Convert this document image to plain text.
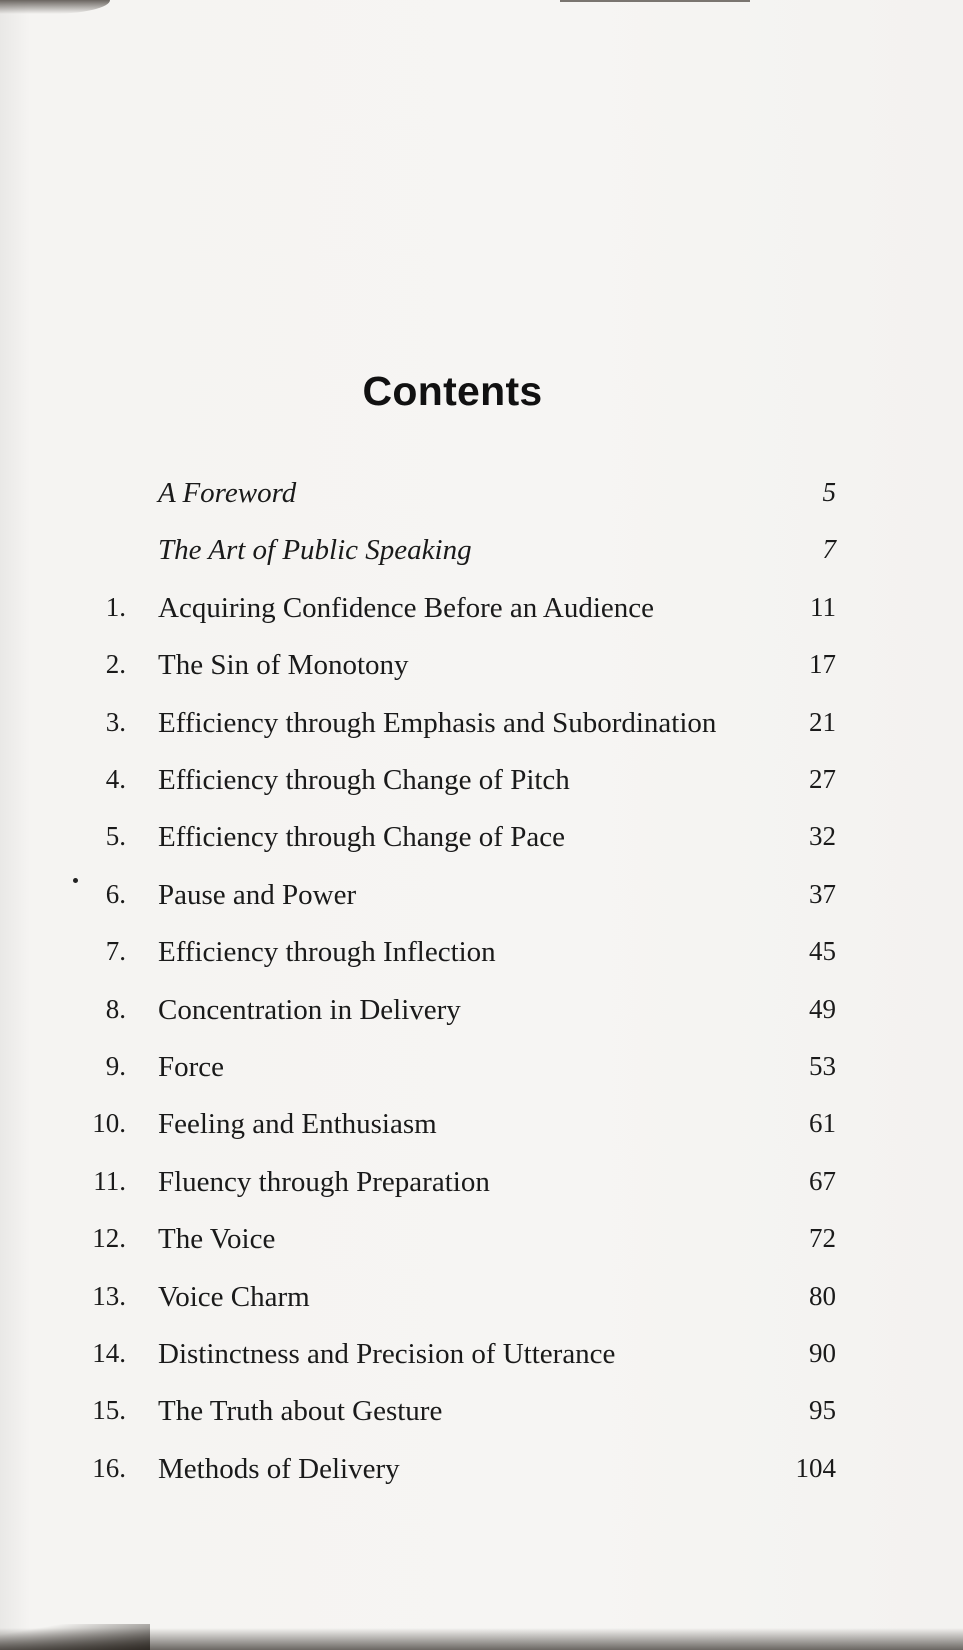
Contents
A Foreword	5
The Art of Public Speaking	7
1. Acquiring Confidence Before an Audience	11
2. The Sin of Monotony	17
3. Efficiency through Emphasis and Subordination	21
4. Efficiency through Change of Pitch	27
5. Efficiency through Change of Pace	32
6. Pause and Power	37
7. Efficiency through Inflection	45
8. Concentration in Delivery	49
9. Force	53
10. Feeling and Enthusiasm	61
11. Fluency through Preparation	67
12. The Voice	72
13. Voice Charm	80
14. Distinctness and Precision of Utterance	90
15. The Truth about Gesture	95
16. Methods of Delivery	104
